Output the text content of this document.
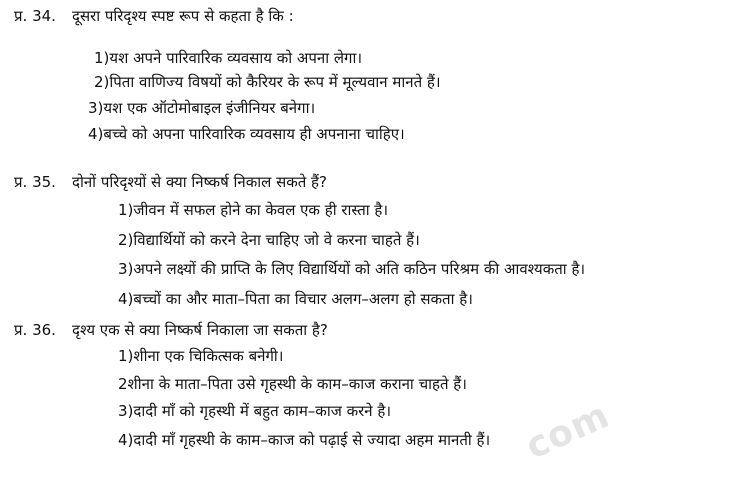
प्र. 34. दूसरा परिदृश्य स्पष्ट रूप से कहता है कि :
1)यश अपने पारिवारिक व्यवसाय को अपना लेगा।
2)पिता वाणिज्य विषयों को कैरियर के रूप में मूल्यवान मानते हैं।
3)यश एक ऑटोमोबाइल इंजीनियर बनेगा।
4)बच्चे को अपना पारिवारिक व्यवसाय ही अपनाना चाहिए।
प्र. 35. दोनों परिदृश्यों से क्या निष्कर्ष निकाल सकते हैं?
1)जीवन में सफल होने का केवल एक ही रास्ता है।
2)विद्यार्थियों को करने देना चाहिए जो वे करना चाहते हैं।
3)अपने लक्ष्यों की प्राप्ति के लिए विद्यार्थियों को अति कठिन परिश्रम की आवश्यकता है।
4)बच्चों का और माता–पिता का विचार अलग–अलग हो सकता है।
प्र. 36. दृश्य एक से क्या निष्कर्ष निकाला जा सकता है?
1)शीना एक चिकित्सक बनेगी।
2शीना के माता–पिता उसे गृहस्थी के काम–काज कराना चाहते हैं।
3)दादी माँ को गृहस्थी में बहुत काम–काज करने है।
4)दादी माँ गृहस्थी के काम–काज को पढ़ाई से ज्यादा अहम मानती हैं। com
